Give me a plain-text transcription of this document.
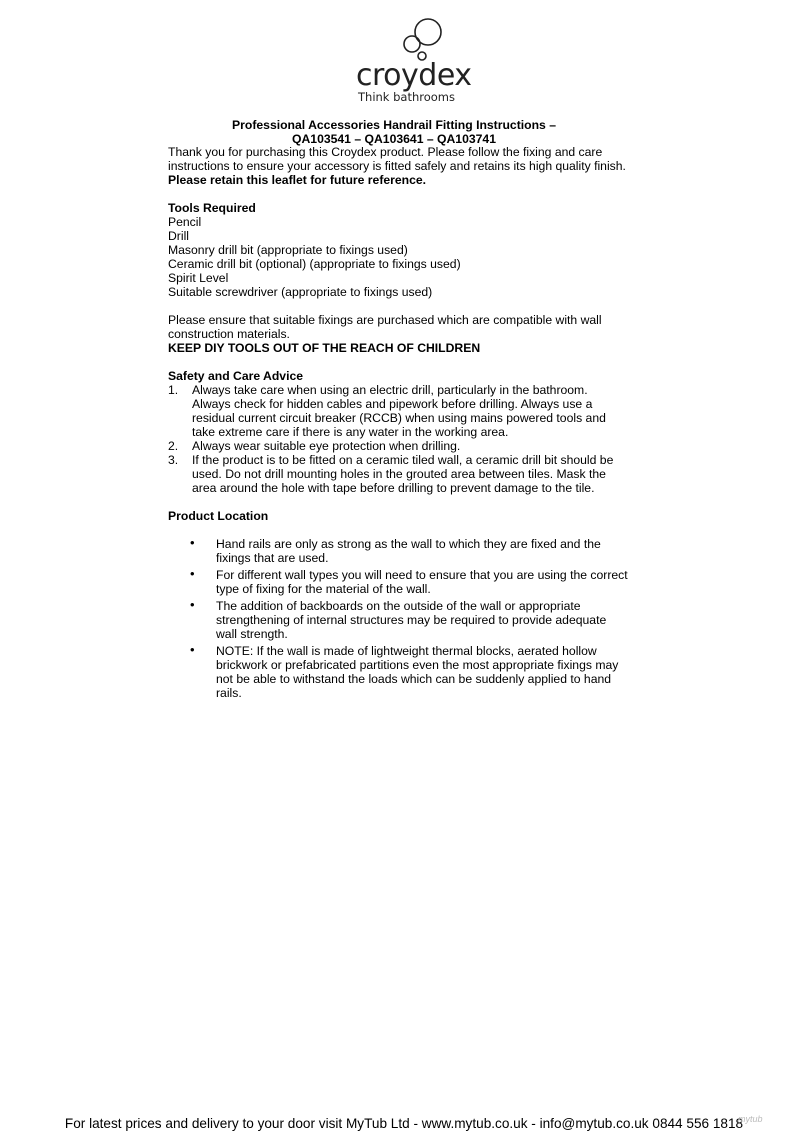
croydex
Think bathrooms
Professional Accessories Handrail Fitting Instructions –
QA103541 – QA103641 – QA103741

Thank you for purchasing this Croydex product. Please follow the fixing and care instructions to ensure your accessory is fitted safely and retains its high quality finish. Please retain this leaflet for future reference.

Tools Required

Pencil

Drill

Masonry drill bit (appropriate to fixings used)

Ceramic drill bit (optional) (appropriate to fixings used)

Spirit Level

Suitable screwdriver (appropriate to fixings used)

Please ensure that suitable fixings are purchased which are compatible with wall construction materials.

KEEP DIY TOOLS OUT OF THE REACH OF CHILDREN

Safety and Care Advice

1. Always take care when using an electric drill, particularly in the bathroom. Always check for hidden cables and pipework before drilling. Always use a residual current circuit breaker (RCCB) when using mains powered tools and take extreme care if there is any water in the working area.
2. Always wear suitable eye protection when drilling.
3. If the product is to be fitted on a ceramic tiled wall, a ceramic drill bit should be used. Do not drill mounting holes in the grouted area between tiles. Mask the area around the hole with tape before drilling to prevent damage to the tile.

Product Location

• Hand rails are only as strong as the wall to which they are fixed and the fixings that are used.
• For different wall types you will need to ensure that you are using the correct type of fixing for the material of the wall.
• The addition of backboards on the outside of the wall or appropriate strengthening of internal structures may be required to provide adequate wall strength.
• NOTE: If the wall is made of lightweight thermal blocks, aerated hollow brickwork or prefabricated partitions even the most appropriate fixings may not be able to withstand the loads which can be suddenly applied to hand rails.
For latest prices and delivery to your door visit MyTub Ltd - www.mytub.co.uk - info@mytub.co.uk 0844 556 1818
mytub
